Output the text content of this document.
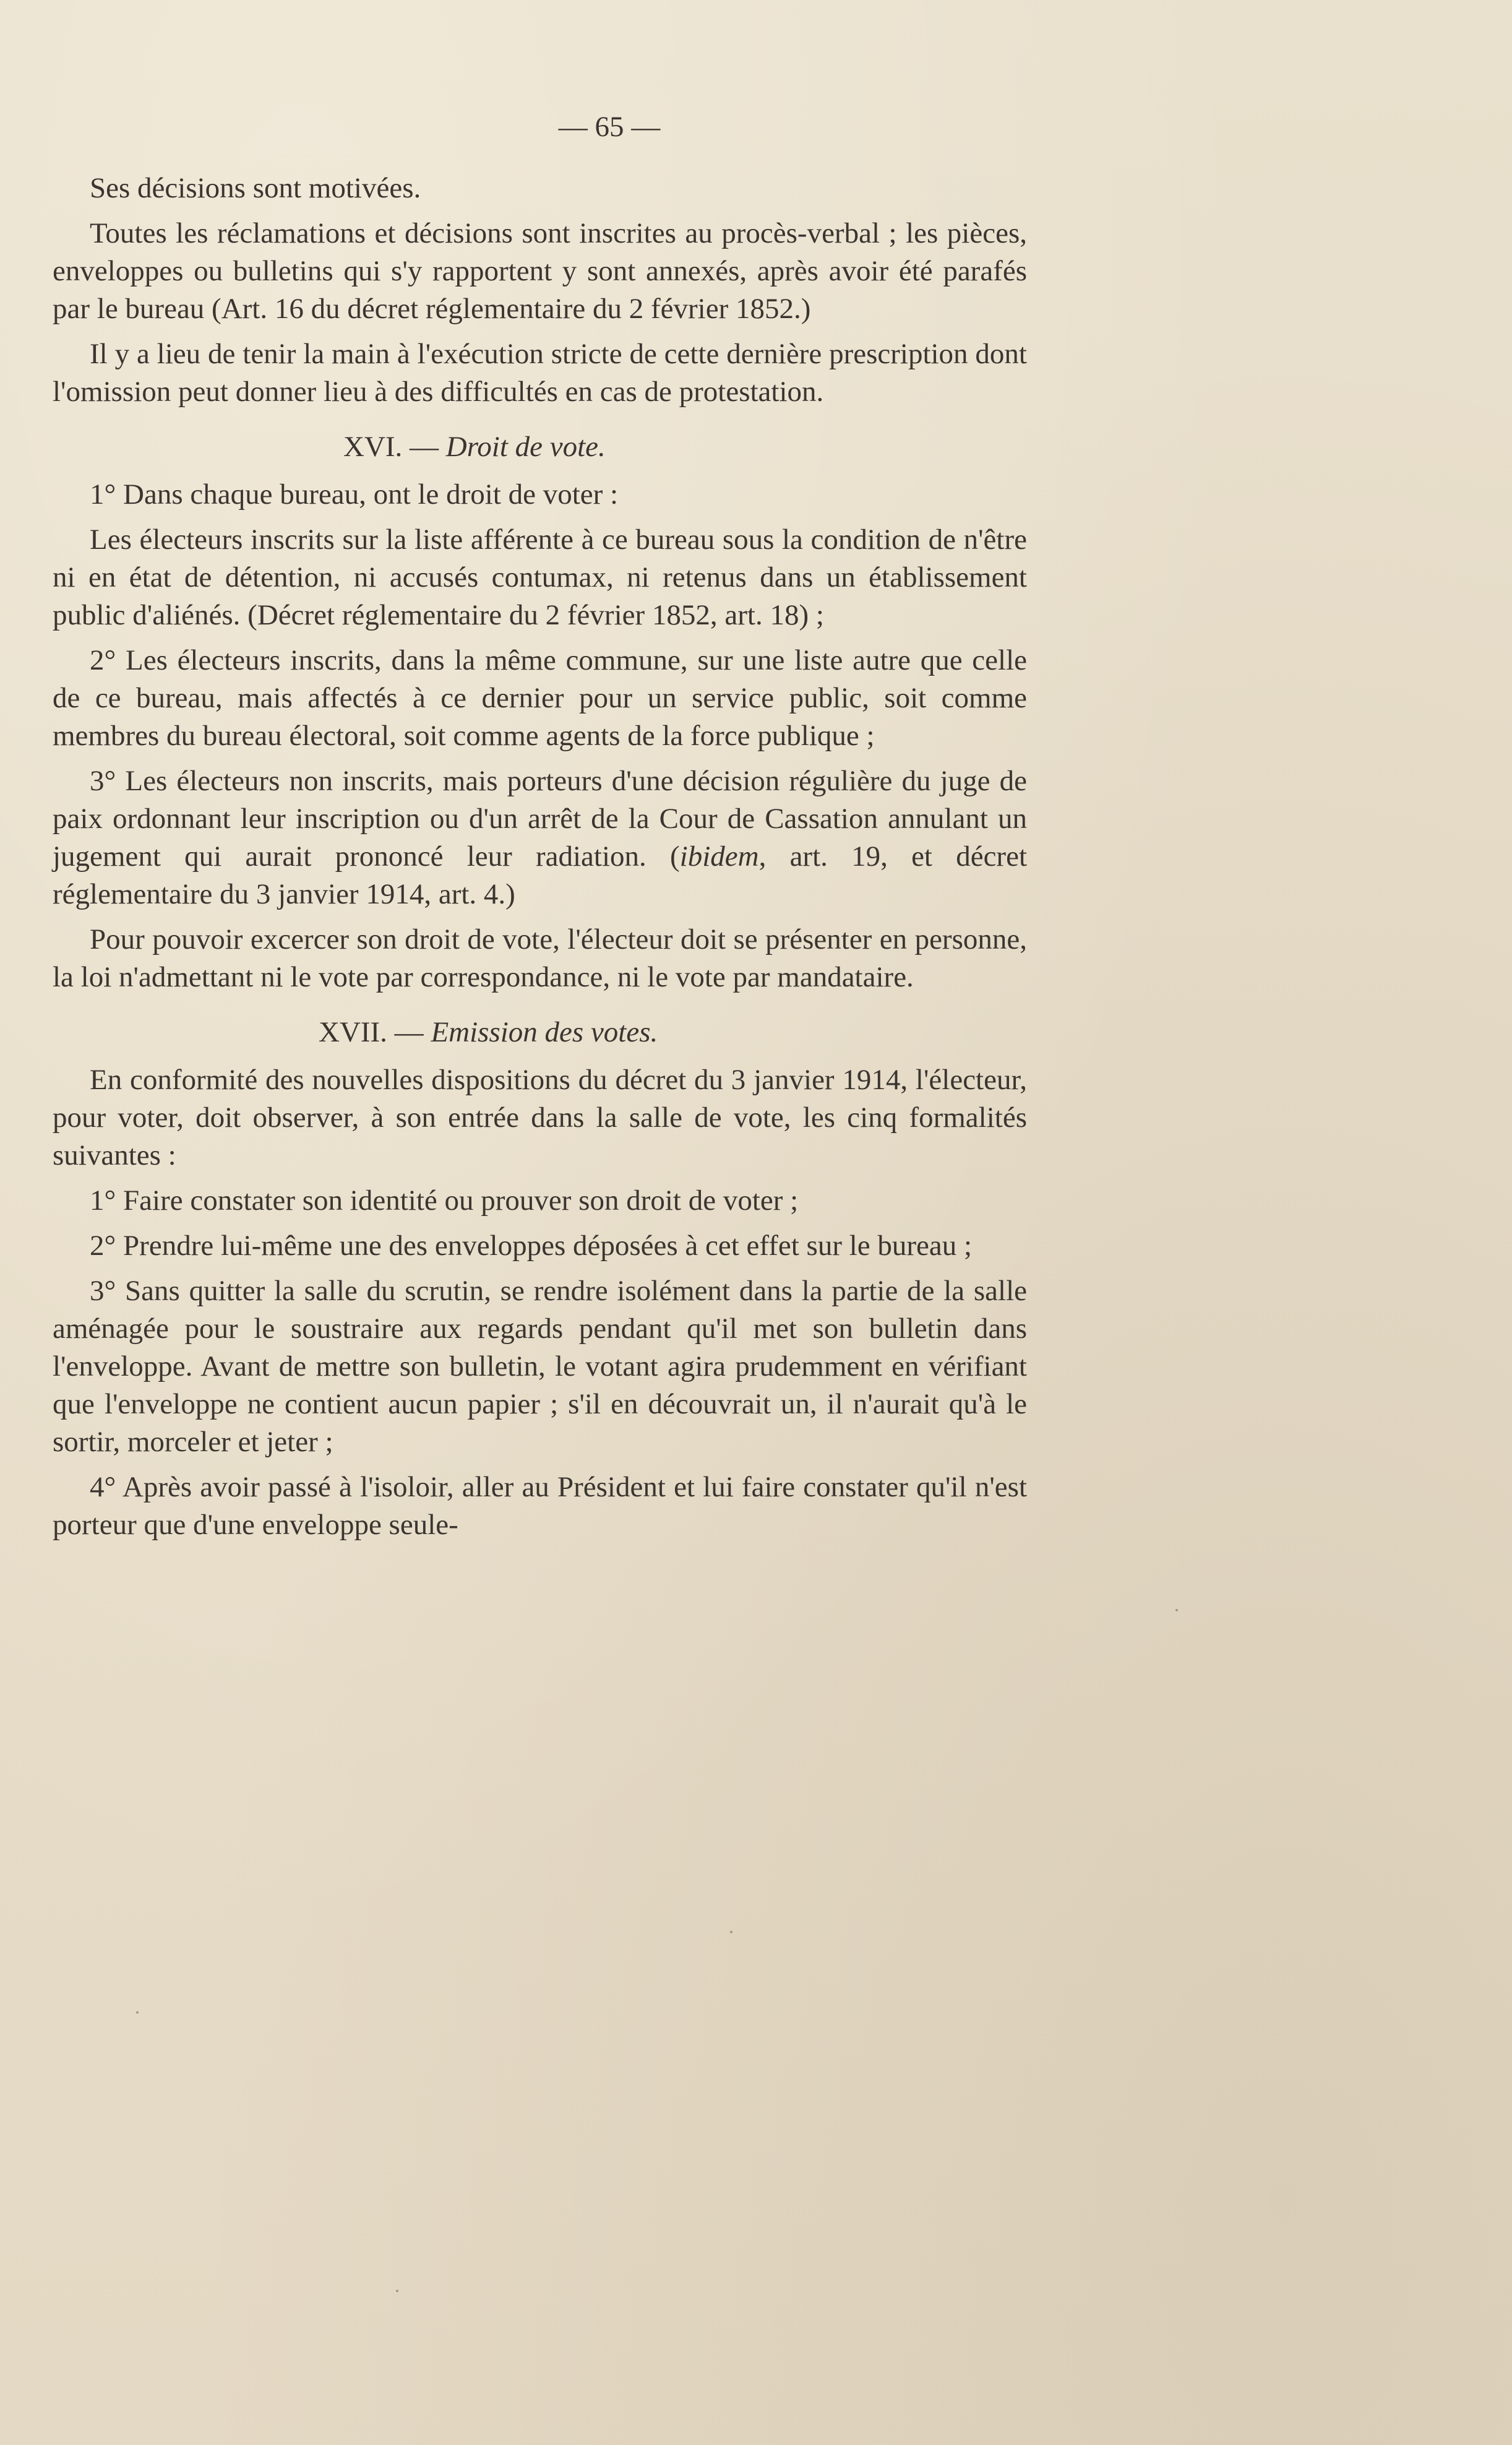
— 65 —

Ses décisions sont motivées.

Toutes les réclamations et décisions sont inscrites au procès-verbal ; les pièces, enveloppes ou bulletins qui s'y rapportent y sont annexés, après avoir été parafés par le bureau (Art. 16 du décret réglementaire du 2 février 1852.)

Il y a lieu de tenir la main à l'exécution stricte de cette dernière prescription dont l'omission peut donner lieu à des difficultés en cas de protestation.

XVI. — Droit de vote.

1° Dans chaque bureau, ont le droit de voter :

Les électeurs inscrits sur la liste afférente à ce bureau sous la condition de n'être ni en état de détention, ni accusés contumax, ni retenus dans un établissement public d'aliénés. (Décret réglementaire du 2 février 1852, art. 18) ;

2° Les électeurs inscrits, dans la même commune, sur une liste autre que celle de ce bureau, mais affectés à ce dernier pour un service public, soit comme membres du bureau électoral, soit comme agents de la force publique ;

3° Les électeurs non inscrits, mais porteurs d'une décision régulière du juge de paix ordonnant leur inscription ou d'un arrêt de la Cour de Cassation annulant un jugement qui aurait prononcé leur radiation. (ibidem, art. 19, et décret réglementaire du 3 janvier 1914, art. 4.)

Pour pouvoir excercer son droit de vote, l'électeur doit se présenter en personne, la loi n'admettant ni le vote par correspondance, ni le vote par mandataire.

XVII. — Emission des votes.

En conformité des nouvelles dispositions du décret du 3 janvier 1914, l'électeur, pour voter, doit observer, à son entrée dans la salle de vote, les cinq formalités suivantes :

1° Faire constater son identité ou prouver son droit de voter ;

2° Prendre lui-même une des enveloppes déposées à cet effet sur le bureau ;

3° Sans quitter la salle du scrutin, se rendre isolément dans la partie de la salle aménagée pour le soustraire aux regards pendant qu'il met son bulletin dans l'enveloppe. Avant de mettre son bulletin, le votant agira prudemment en vérifiant que l'enveloppe ne contient aucun papier ; s'il en découvrait un, il n'aurait qu'à le sortir, morceler et jeter ;

4° Après avoir passé à l'isoloir, aller au Président et lui faire constater qu'il n'est porteur que d'une enveloppe seule-
